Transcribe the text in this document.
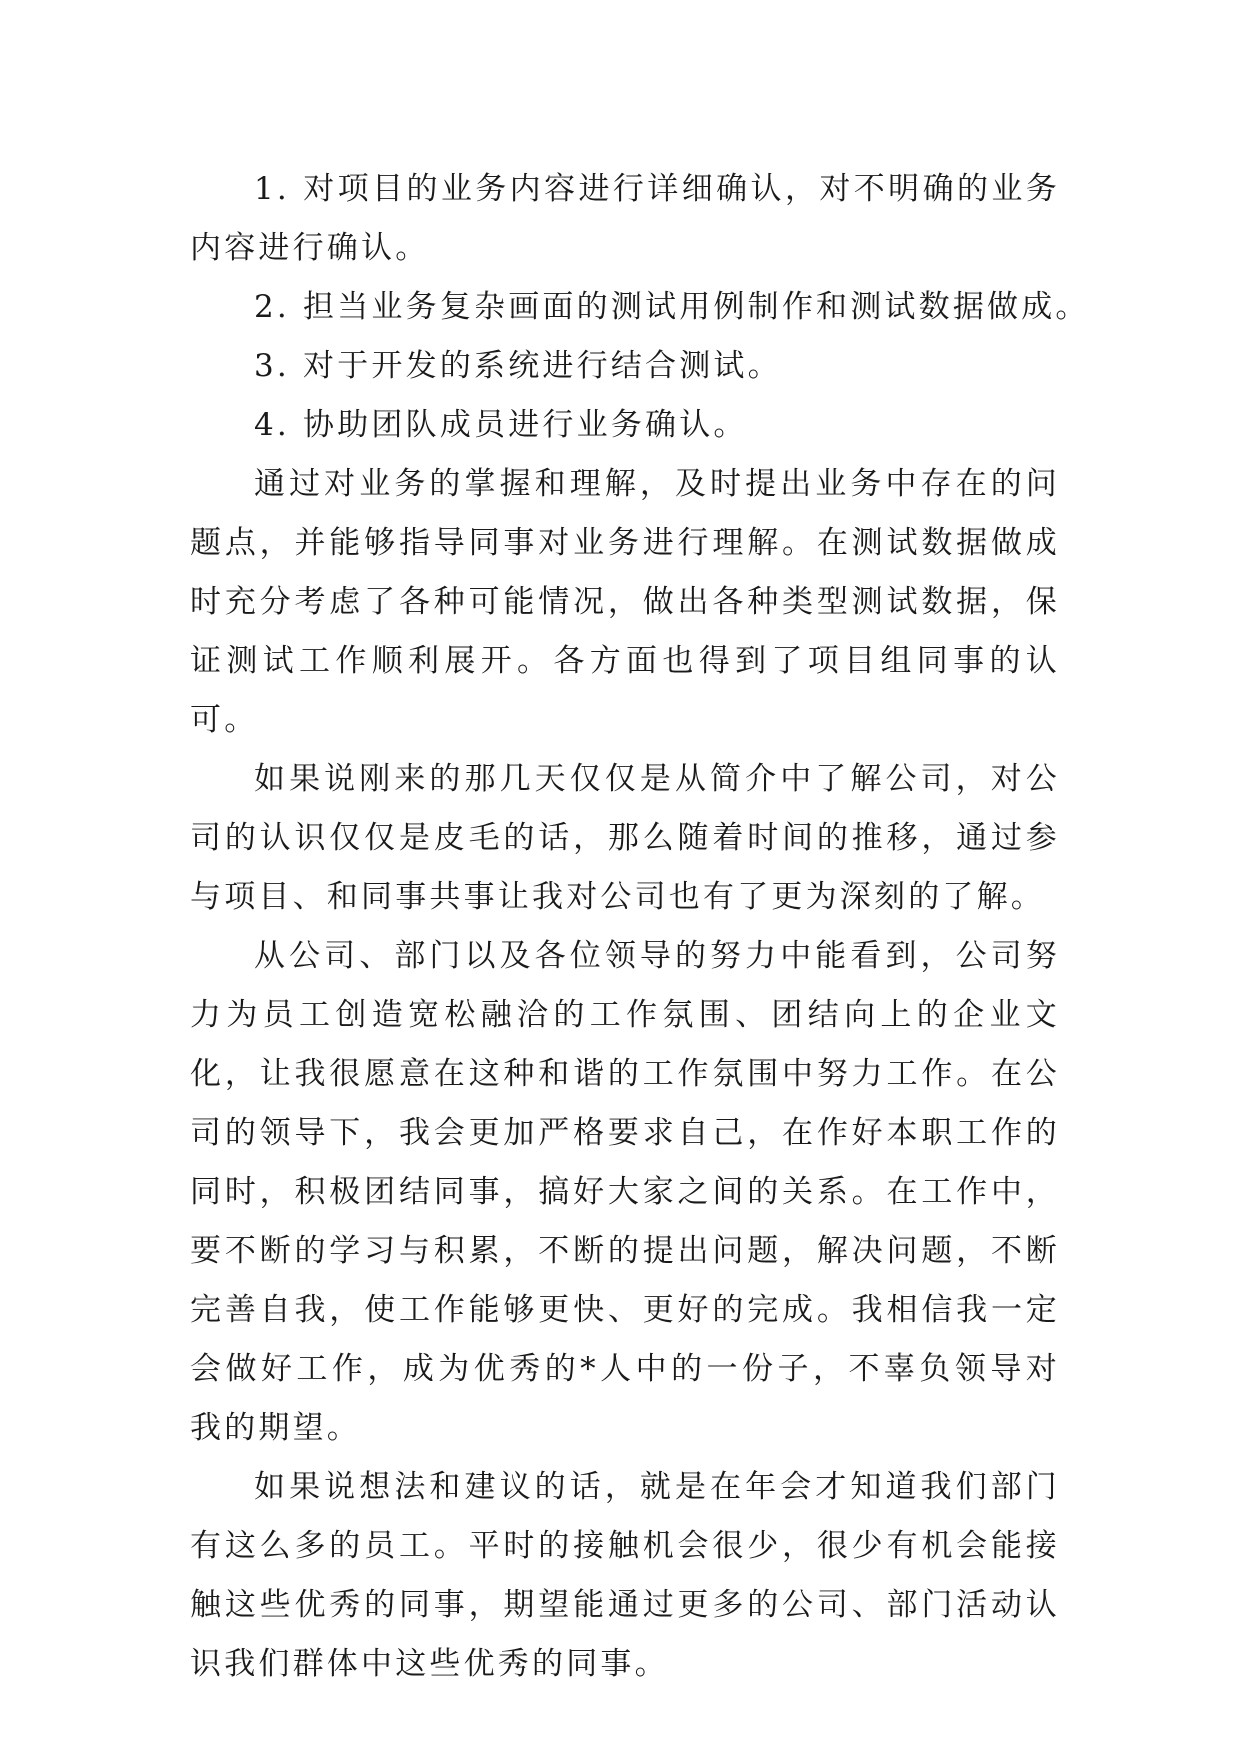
1. 对项目的业务内容进行详细确认，对不明确的业务内容进行确认。

2. 担当业务复杂画面的测试用例制作和测试数据做成。

3. 对于开发的系统进行结合测试。

4. 协助团队成员进行业务确认。

通过对业务的掌握和理解，及时提出业务中存在的问题点，并能够指导同事对业务进行理解。在测试数据做成时充分考虑了各种可能情况，做出各种类型测试数据，保证测试工作顺利展开。各方面也得到了项目组同事的认可。

如果说刚来的那几天仅仅是从简介中了解公司，对公司的认识仅仅是皮毛的话，那么随着时间的推移，通过参与项目、和同事共事让我对公司也有了更为深刻的了解。

从公司、部门以及各位领导的努力中能看到，公司努力为员工创造宽松融洽的工作氛围、团结向上的企业文化，让我很愿意在这种和谐的工作氛围中努力工作。在公司的领导下，我会更加严格要求自己，在作好本职工作的同时，积极团结同事，搞好大家之间的关系。在工作中，要不断的学习与积累，不断的提出问题，解决问题，不断完善自我，使工作能够更快、更好的完成。我相信我一定会做好工作，成为优秀的*人中的一份子，不辜负领导对我的期望。

如果说想法和建议的话，就是在年会才知道我们部门有这么多的员工。平时的接触机会很少，很少有机会能接触这些优秀的同事，期望能通过更多的公司、部门活动认识我们群体中这些优秀的同事。
